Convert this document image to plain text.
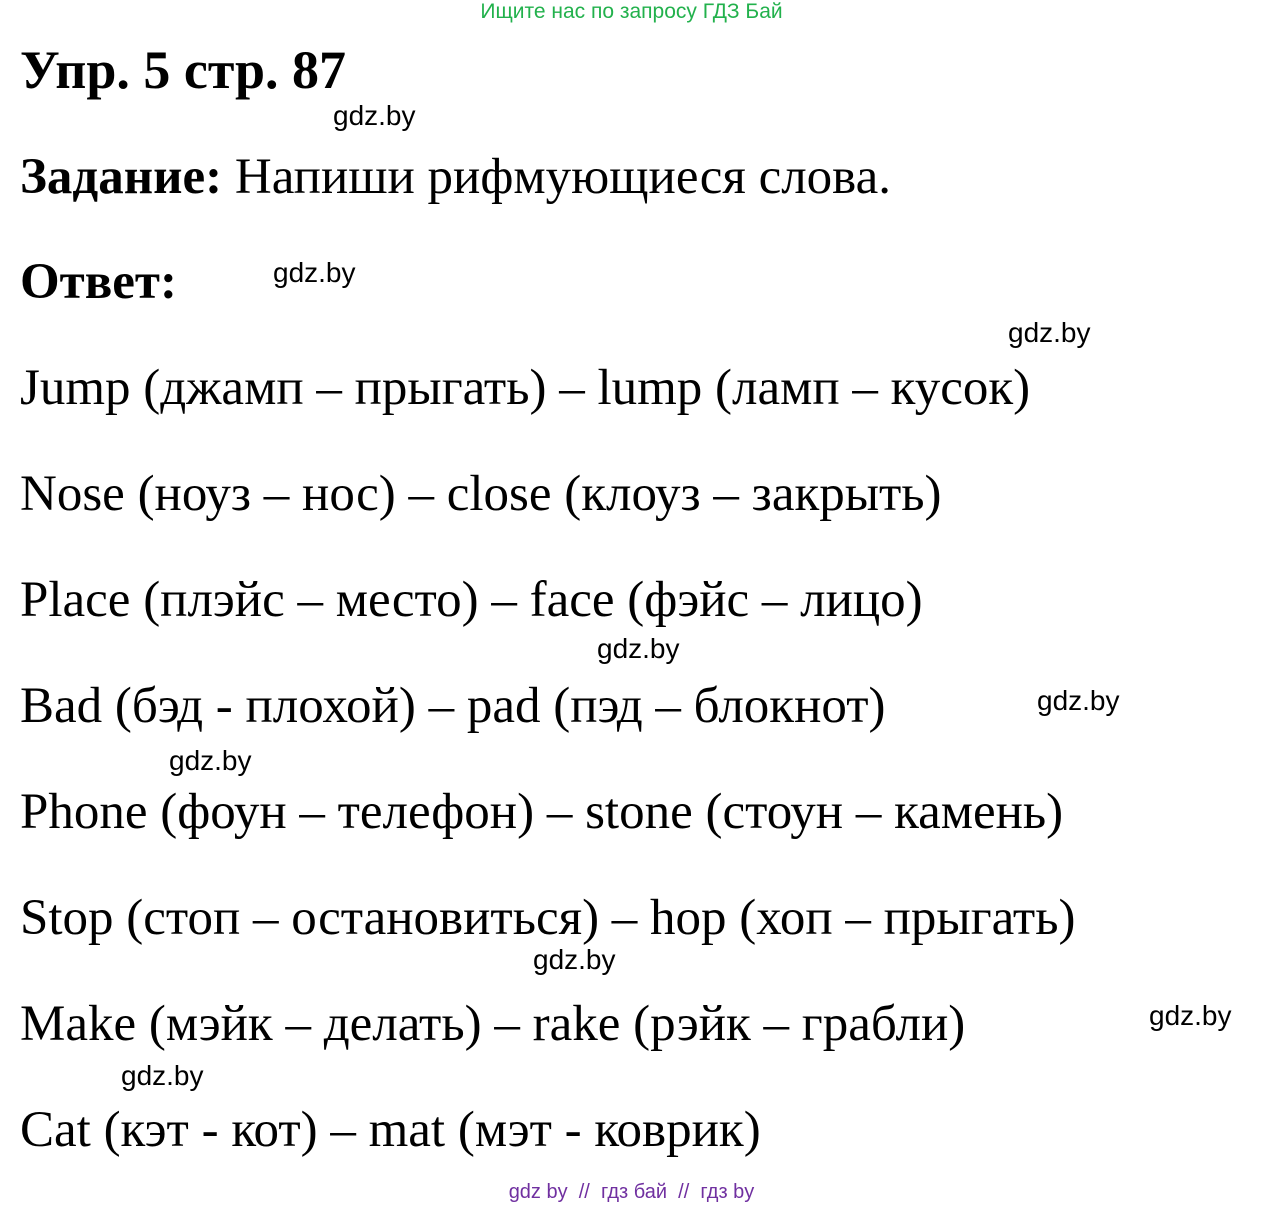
Ищите нас по запросу ГДЗ Бай
Упр. 5 стр. 87
gdz.by
Задание: Напиши рифмующиеся слова.
Ответ:	gdz.by
gdz.by
Jump (джамп – прыгать) – lump (ламп – кусок)
Nose (ноуз – нос) – close (клоуз – закрыть)
Place (плэйс – место) – face (фэйс – лицо)
gdz.by
Bad (бэд - плохой) – pad (пэд – блокнот)	gdz.by
gdz.by
Phone (фоун – телефон) – stone (стоун – камень)
Stop (стоп – остановиться) – hop (хоп – прыгать)
gdz.by
Make (мэйк – делать) – rake (рэйк – грабли)	gdz.by
gdz.by
Cat (кэт - кот) – mat (мэт - коврик)
gdz by  //  гдз бай  //  гдз by
